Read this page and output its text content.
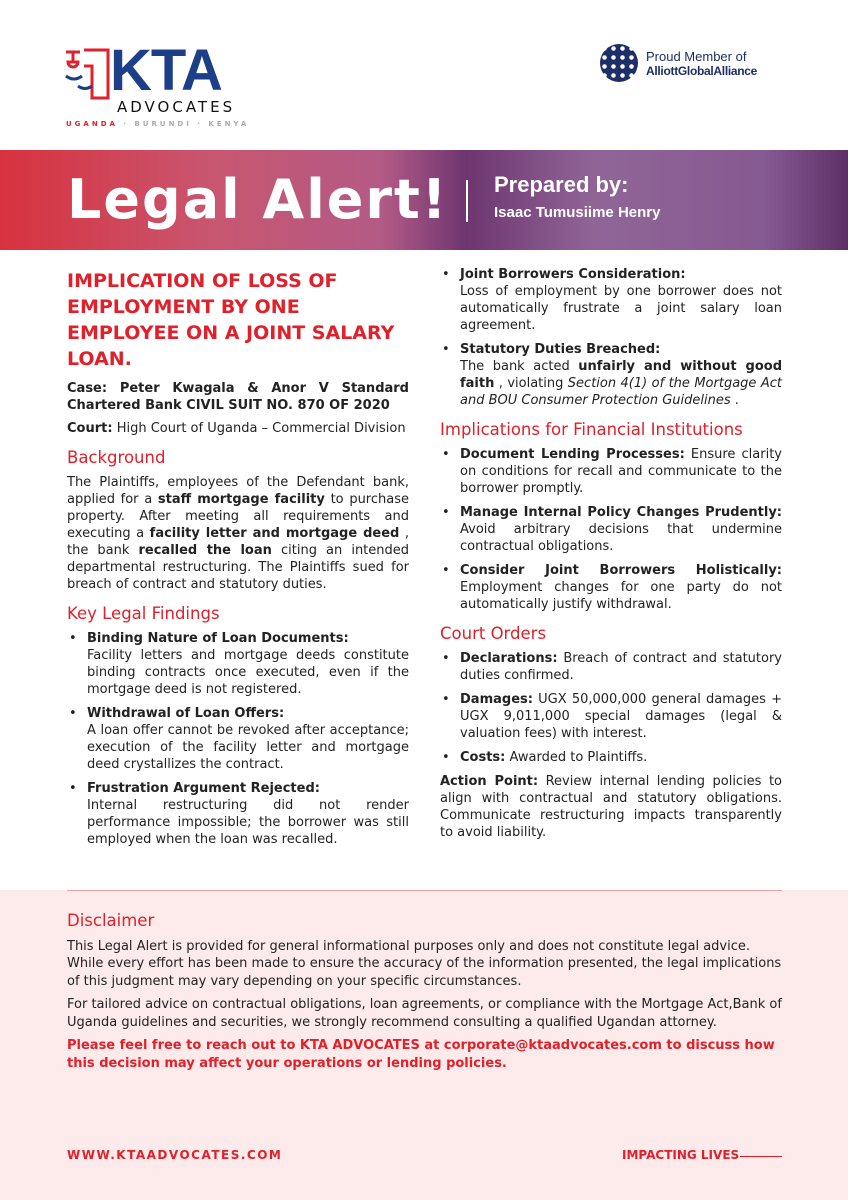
KTA
ADVOCATES
UGANDA · BURUNDI · KENYA
Proud Member of
AlliottGlobalAlliance
Legal Alert! Prepared by:
Isaac Tumusiime Henry
IMPLICATION OF LOSS OF EMPLOYMENT BY ONE EMPLOYEE ON A JOINT SALARY LOAN.

Case: Peter Kwagala & Anor V Standard Chartered Bank CIVIL SUIT NO. 870 OF 2020

Court: High Court of Uganda – Commercial Division

Background

The Plaintiffs, employees of the Defendant bank, applied for a staff mortgage facility to purchase property. After meeting all requirements and executing a facility letter and mortgage deed , the bank recalled the loan citing an intended departmental restructuring. The Plaintiffs sued for breach of contract and statutory duties.

Key Legal Findings
• Binding Nature of Loan Documents:
Facility letters and mortgage deeds constitute binding contracts once executed, even if the mortgage deed is not registered.
• Withdrawal of Loan Offers:
A loan offer cannot be revoked after acceptance; execution of the facility letter and mortgage deed crystallizes the contract.
• Frustration Argument Rejected:
Internal restructuring did not render performance impossible; the borrower was still employed when the loan was recalled.
• Joint Borrowers Consideration:
Loss of employment by one borrower does not automatically frustrate a joint salary loan agreement.
• Statutory Duties Breached:
The bank acted unfairly and without good faith , violating Section 4(1) of the Mortgage Act and BOU Consumer Protection Guidelines .
Implications for Financial Institutions
• Document Lending Processes: Ensure clarity on conditions for recall and communicate to the borrower promptly.
• Manage Internal Policy Changes Prudently: Avoid arbitrary decisions that undermine contractual obligations.
• Consider Joint Borrowers Holistically: Employment changes for one party do not automatically justify withdrawal.
Court Orders
• Declarations: Breach of contract and statutory duties confirmed.
• Damages: UGX 50,000,000 general damages + UGX 9,011,000 special damages (legal & valuation fees) with interest.
• Costs: Awarded to Plaintiffs.

Action Point: Review internal lending policies to align with contractual and statutory obligations. Communicate restructuring impacts transparently to avoid liability.

Disclaimer

This Legal Alert is provided for general informational purposes only and does not constitute legal advice. While every effort has been made to ensure the accuracy of the information presented, the legal implications of this judgment may vary depending on your specific circumstances.

For tailored advice on contractual obligations, loan agreements, or compliance with the Mortgage Act,Bank of Uganda guidelines and securities, we strongly recommend consulting a qualified Ugandan attorney.

Please feel free to reach out to KTA ADVOCATES at corporate@ktaadvocates.com to discuss how this decision may affect your operations or lending policies.

WWW.KTAADVOCATES.COM	IMPACTING LIVES
